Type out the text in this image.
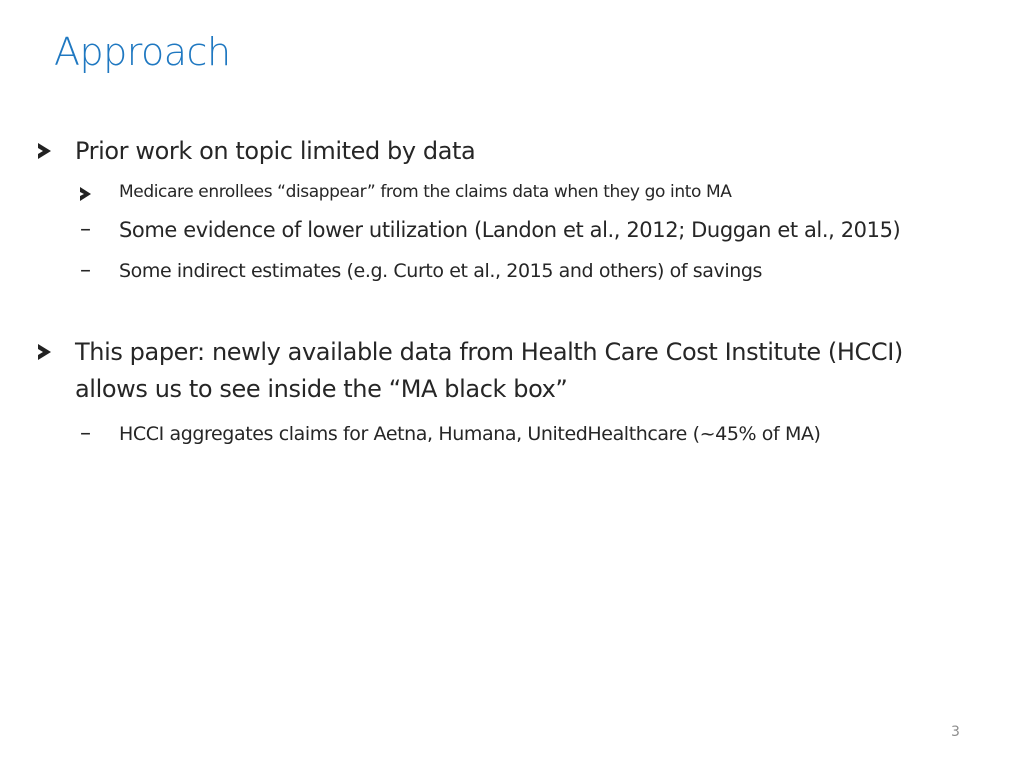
Approach
Prior work on topic limited by data
Medicare enrollees “disappear” from the claims data when they go into MA
– Some evidence of lower utilization (Landon et al., 2012; Duggan et al., 2015)
– Some indirect estimates (e.g. Curto et al., 2015 and others) of savings
This paper: newly available data from Health Care Cost Institute (HCCI)
allows us to see inside the “MA black box”
– HCCI aggregates claims for Aetna, Humana, UnitedHealthcare (~45% of MA)
3
